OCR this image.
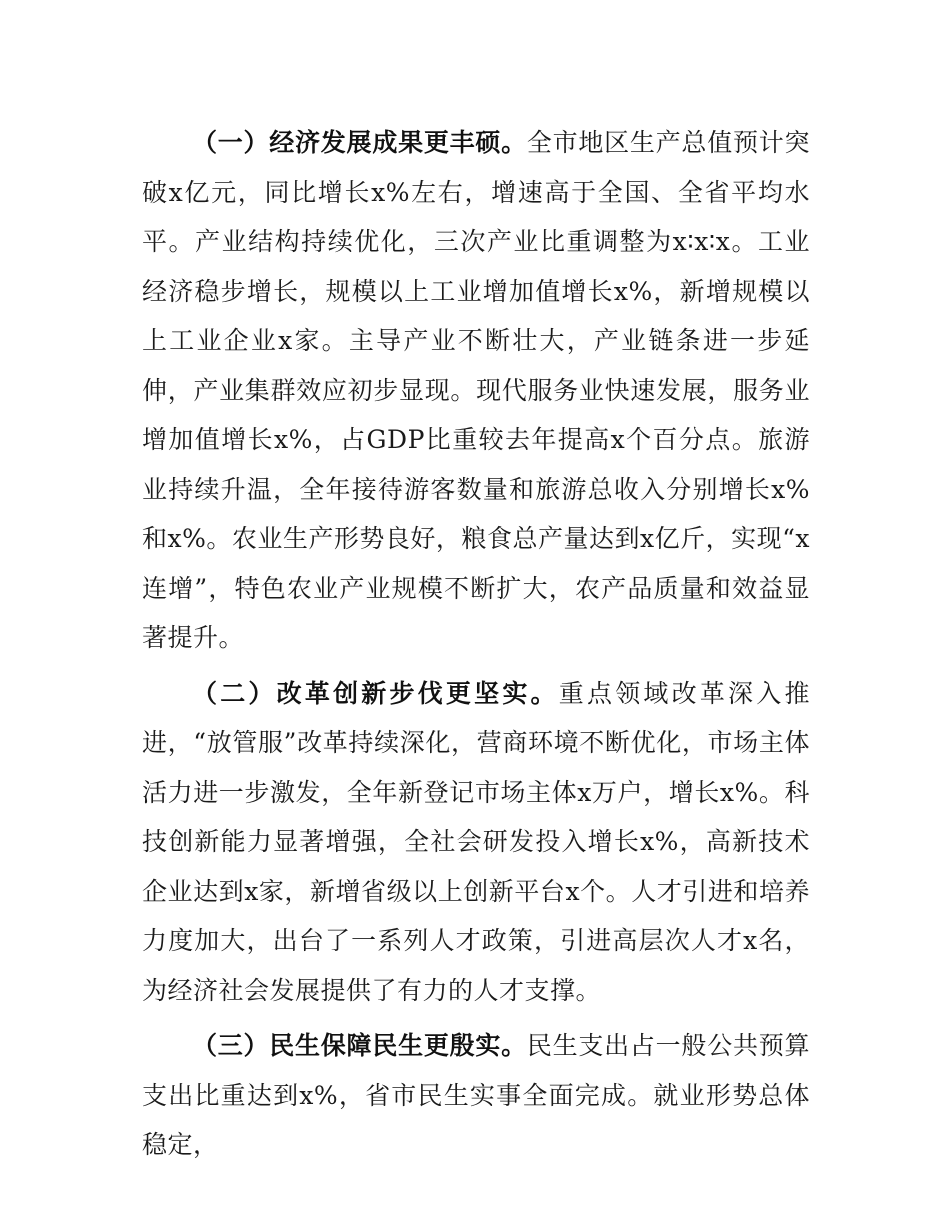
（一）经济发展成果更丰硕。全市地区生产总值预计突破x亿元，同比增长x%左右，增速高于全国、全省平均水平。产业结构持续优化，三次产业比重调整为x∶x∶x。工业经济稳步增长，规模以上工业增加值增长x%，新增规模以上工业企业x家。主导产业不断壮大，产业链条进一步延伸，产业集群效应初步显现。现代服务业快速发展，服务业增加值增长x%，占GDP比重较去年提高x个百分点。旅游业持续升温，全年接待游客数量和旅游总收入分别增长x%和x%。农业生产形势良好，粮食总产量达到x亿斤，实现“x连增”，特色农业产业规模不断扩大，农产品质量和效益显著提升。

（二）改革创新步伐更坚实。重点领域改革深入推进，“放管服”改革持续深化，营商环境不断优化，市场主体活力进一步激发，全年新登记市场主体x万户，增长x%。科技创新能力显著增强，全社会研发投入增长x%，高新技术企业达到x家，新增省级以上创新平台x个。人才引进和培养力度加大，出台了一系列人才政策，引进高层次人才x名，为经济社会发展提供了有力的人才支撑。

（三）民生保障民生更殷实。民生支出占一般公共预算支出比重达到x%，省市民生实事全面完成。就业形势总体稳定，
